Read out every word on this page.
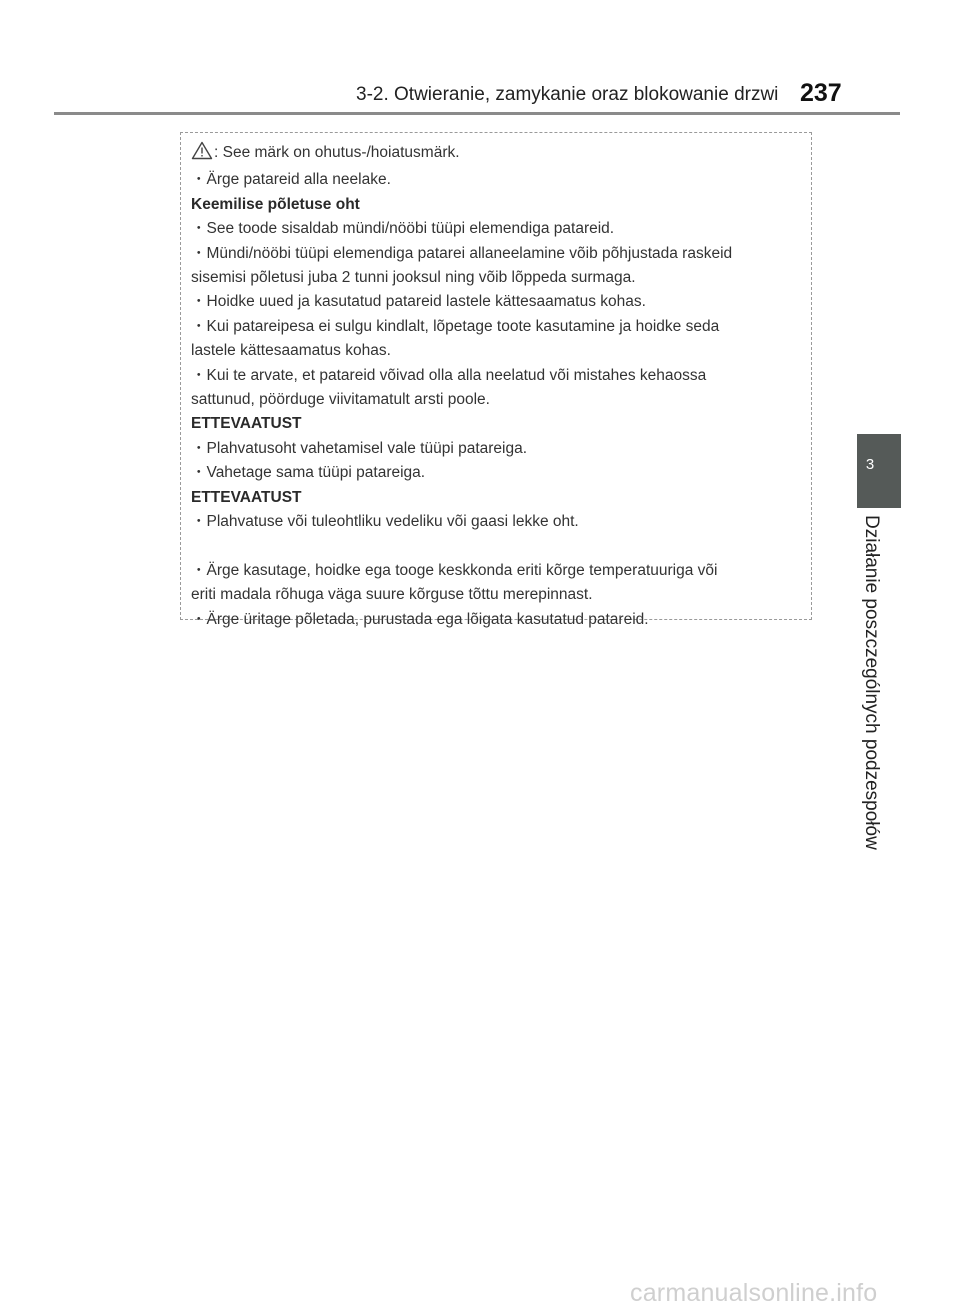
3-2. Otwieranie, zamykanie oraz blokowanie drzwi 237
: See märk on ohutus-/hoiatusmärk.
・Ärge patareid alla neelake.
Keemilise põletuse oht
・See toode sisaldab mündi/nööbi tüüpi elemendiga patareid.
・Mündi/nööbi tüüpi elemendiga patarei allaneelamine võib põhjustada raskeid
sisemisi põletusi juba 2 tunni jooksul ning võib lõppeda surmaga.
・Hoidke uued ja kasutatud patareid lastele kättesaamatus kohas.
・Kui patareipesa ei sulgu kindlalt, lõpetage toote kasutamine ja hoidke seda
lastele kättesaamatus kohas.
・Kui te arvate, et patareid võivad olla alla neelatud või mistahes kehaossa
sattunud, pöörduge viivitamatult arsti poole.
ETTEVAATUST
・Plahvatusoht vahetamisel vale tüüpi patareiga.
・Vahetage sama tüüpi patareiga.
ETTEVAATUST
・Plahvatuse või tuleohtliku vedeliku või gaasi lekke oht.
・Ärge kasutage, hoidke ega tooge keskkonda eriti kõrge temperatuuriga või
eriti madala rõhuga väga suure kõrguse tõttu merepinnast.
・Ärge üritage põletada, purustada ega lõigata kasutatud patareid.
3
Działanie poszczególnych podzespołów
carmanualsonline.info
